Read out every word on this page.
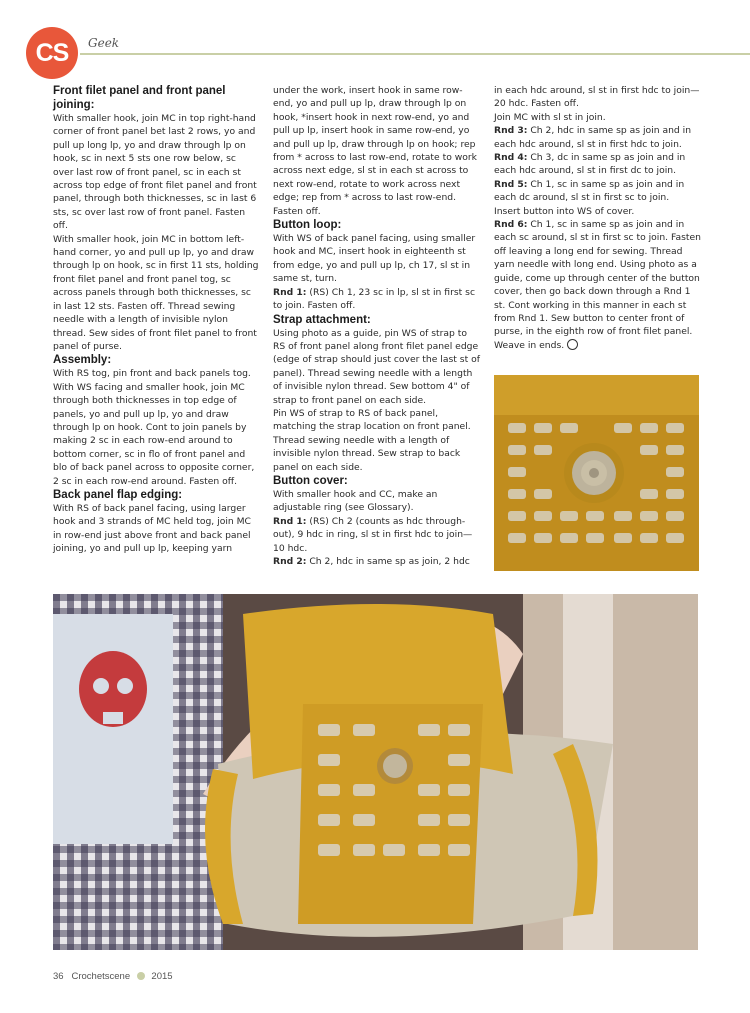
CS	Geek

Front filet panel and front panel joining:

With smaller hook, join MC in top right-hand corner of front panel bet last 2 rows, yo and pull up long lp, yo and draw through lp on hook, sc in next 5 sts one row below, sc over last row of front panel, sc in each st across top edge of front filet panel and front panel, through both thicknesses, sc in last 6 sts, sc over last row of front panel. Fasten off.

With smaller hook, join MC in bottom left-hand corner, yo and pull up lp, yo and draw through lp on hook, sc in first 11 sts, holding front filet panel and front panel tog, sc across panels through both thicknesses, sc in last 12 sts. Fasten off. Thread sewing needle with a length of invisible nylon thread. Sew sides of front filet panel to front panel of purse.

Assembly:

With RS tog, pin front and back panels tog. With WS facing and smaller hook, join MC through both thicknesses in top edge of panels, yo and pull up lp, yo and draw through lp on hook. Cont to join panels by making 2 sc in each row-end around to bottom corner, sc in flo of front panel and blo of back panel across to opposite corner, 2 sc in each row-end around. Fasten off.

Back panel flap edging:

With RS of back panel facing, using larger hook and 3 strands of MC held tog, join MC in row-end just above front and back panel joining, yo and pull up lp, keeping yarn

under the work, insert hook in same row-end, yo and pull up lp, draw through lp on hook, *insert hook in next row-end, yo and pull up lp, insert hook in same row-end, yo and pull up lp, draw through lp on hook; rep from * across to last row-end, rotate to work across next edge, sl st in each st across to next row-end, rotate to work across next edge; rep from * across to last row-end. Fasten off.

Button loop:

With WS of back panel facing, using smaller hook and MC, insert hook in eighteenth st from edge, yo and pull up lp, ch 17, sl st in same st, turn.

Rnd 1: (RS) Ch 1, 23 sc in lp, sl st in first sc to join. Fasten off.

Strap attachment:

Using photo as a guide, pin WS of strap to RS of front panel along front filet panel edge (edge of strap should just cover the last st of panel). Thread sewing needle with a length of invisible nylon thread. Sew bottom 4" of strap to front panel on each side.

Pin WS of strap to RS of back panel, matching the strap location on front panel. Thread sewing needle with a length of invisible nylon thread. Sew strap to back panel on each side.

Button cover:

With smaller hook and CC, make an adjustable ring (see Glossary).

Rnd 1: (RS) Ch 2 (counts as hdc through-out), 9 hdc in ring, sl st in first hdc to join—10 hdc.

Rnd 2: Ch 2, hdc in same sp as join, 2 hdc

in each hdc around, sl st in first hdc to join—20 hdc. Fasten off.

Join MC with sl st in join.

Rnd 3: Ch 2, hdc in same sp as join and in each hdc around, sl st in first hdc to join.

Rnd 4: Ch 3, dc in same sp as join and in each hdc around, sl st in first dc to join.

Rnd 5: Ch 1, sc in same sp as join and in each dc around, sl st in first sc to join.

Insert button into WS of cover.

Rnd 6: Ch 1, sc in same sp as join and in each sc around, sl st in first sc to join. Fasten off leaving a long end for sewing. Thread yarn needle with long end. Using photo as a guide, come up through center of the button cover, then go back down through a Rnd 1 st. Cont working in this manner in each st from Rnd 1. Sew button to center front of purse, in the eighth row of front filet panel.

Weave in ends.

36 Crochetscene 2015
